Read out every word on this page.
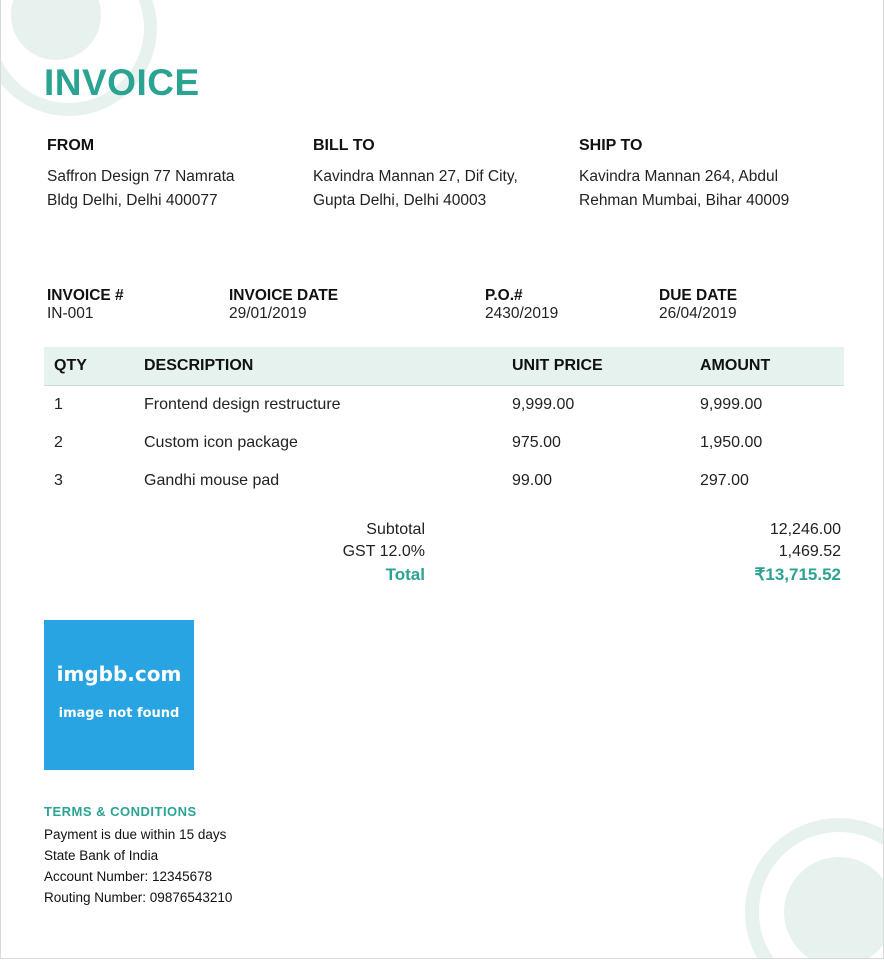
INVOICE
FROM

Saffron Design 77 Namrata Bldg Delhi, Delhi 400077

BILL TO

Kavindra Mannan 27, Dif City, Gupta Delhi, Delhi 40003

SHIP TO

Kavindra Mannan 264, Abdul Rehman Mumbai, Bihar 40009

INVOICE #
IN-001
INVOICE DATE
29/01/2019
P.O.#
2430/2019
DUE DATE
26/04/2019
QTY	DESCRIPTION	UNIT PRICE	AMOUNT
1	Frontend design restructure	9,999.00	9,999.00
2	Custom icon package	975.00	1,950.00
3	Gandhi mouse pad	99.00	297.00
Subtotal	12,246.00
GST 12.0%	1,469.52
Total	₹13,715.52
imgbb.com
image not found
TERMS & CONDITIONS

Payment is due within 15 days

State Bank of India

Account Number: 12345678

Routing Number: 09876543210
